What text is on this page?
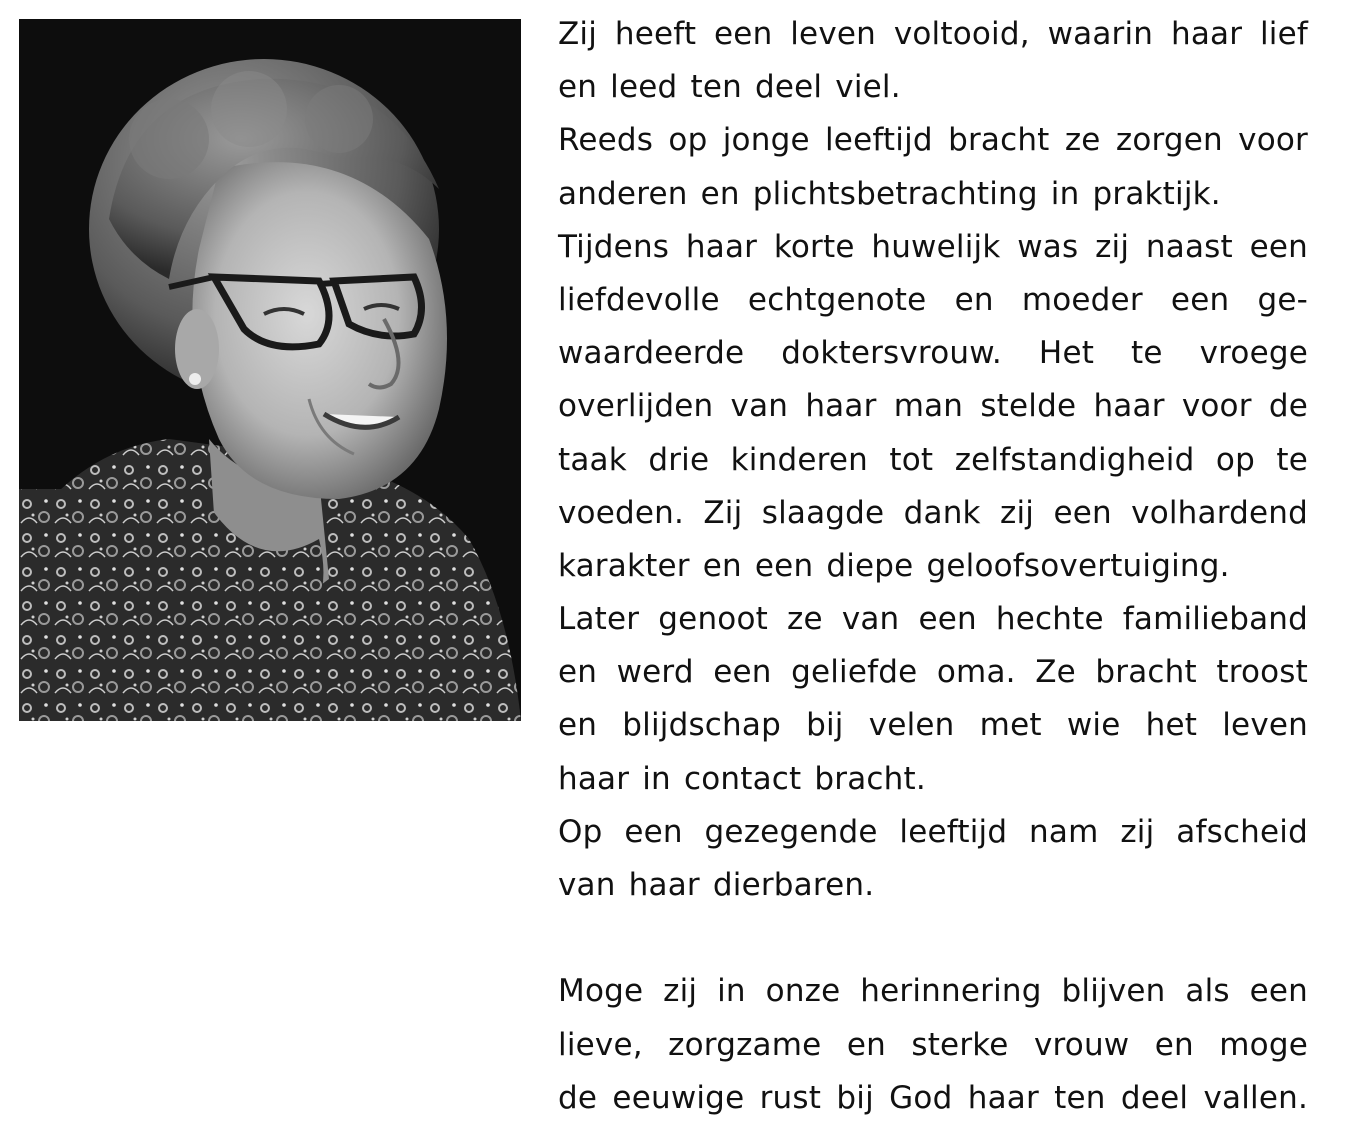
Zij heeft een leven voltooid, waarin haar lief
en leed ten deel viel.
Reeds op jonge leeftijd bracht ze zorgen voor
anderen en plichtsbetrachting in praktijk.
Tijdens haar korte huwelijk was zij naast een
liefdevolle echtgenote en moeder een ge-
waardeerde doktersvrouw. Het te vroege
overlijden van haar man stelde haar voor de
taak drie kinderen tot zelfstandigheid op te
voeden. Zij slaagde dank zij een volhardend
karakter en een diepe geloofsovertuiging.
Later genoot ze van een hechte familieband
en werd een geliefde oma. Ze bracht troost
en blijdschap bij velen met wie het leven
haar in contact bracht.
Op een gezegende leeftijd nam zij afscheid
van haar dierbaren.
Moge zij in onze herinnering blijven als een
lieve, zorgzame en sterke vrouw en moge
de eeuwige rust bij God haar ten deel vallen.
